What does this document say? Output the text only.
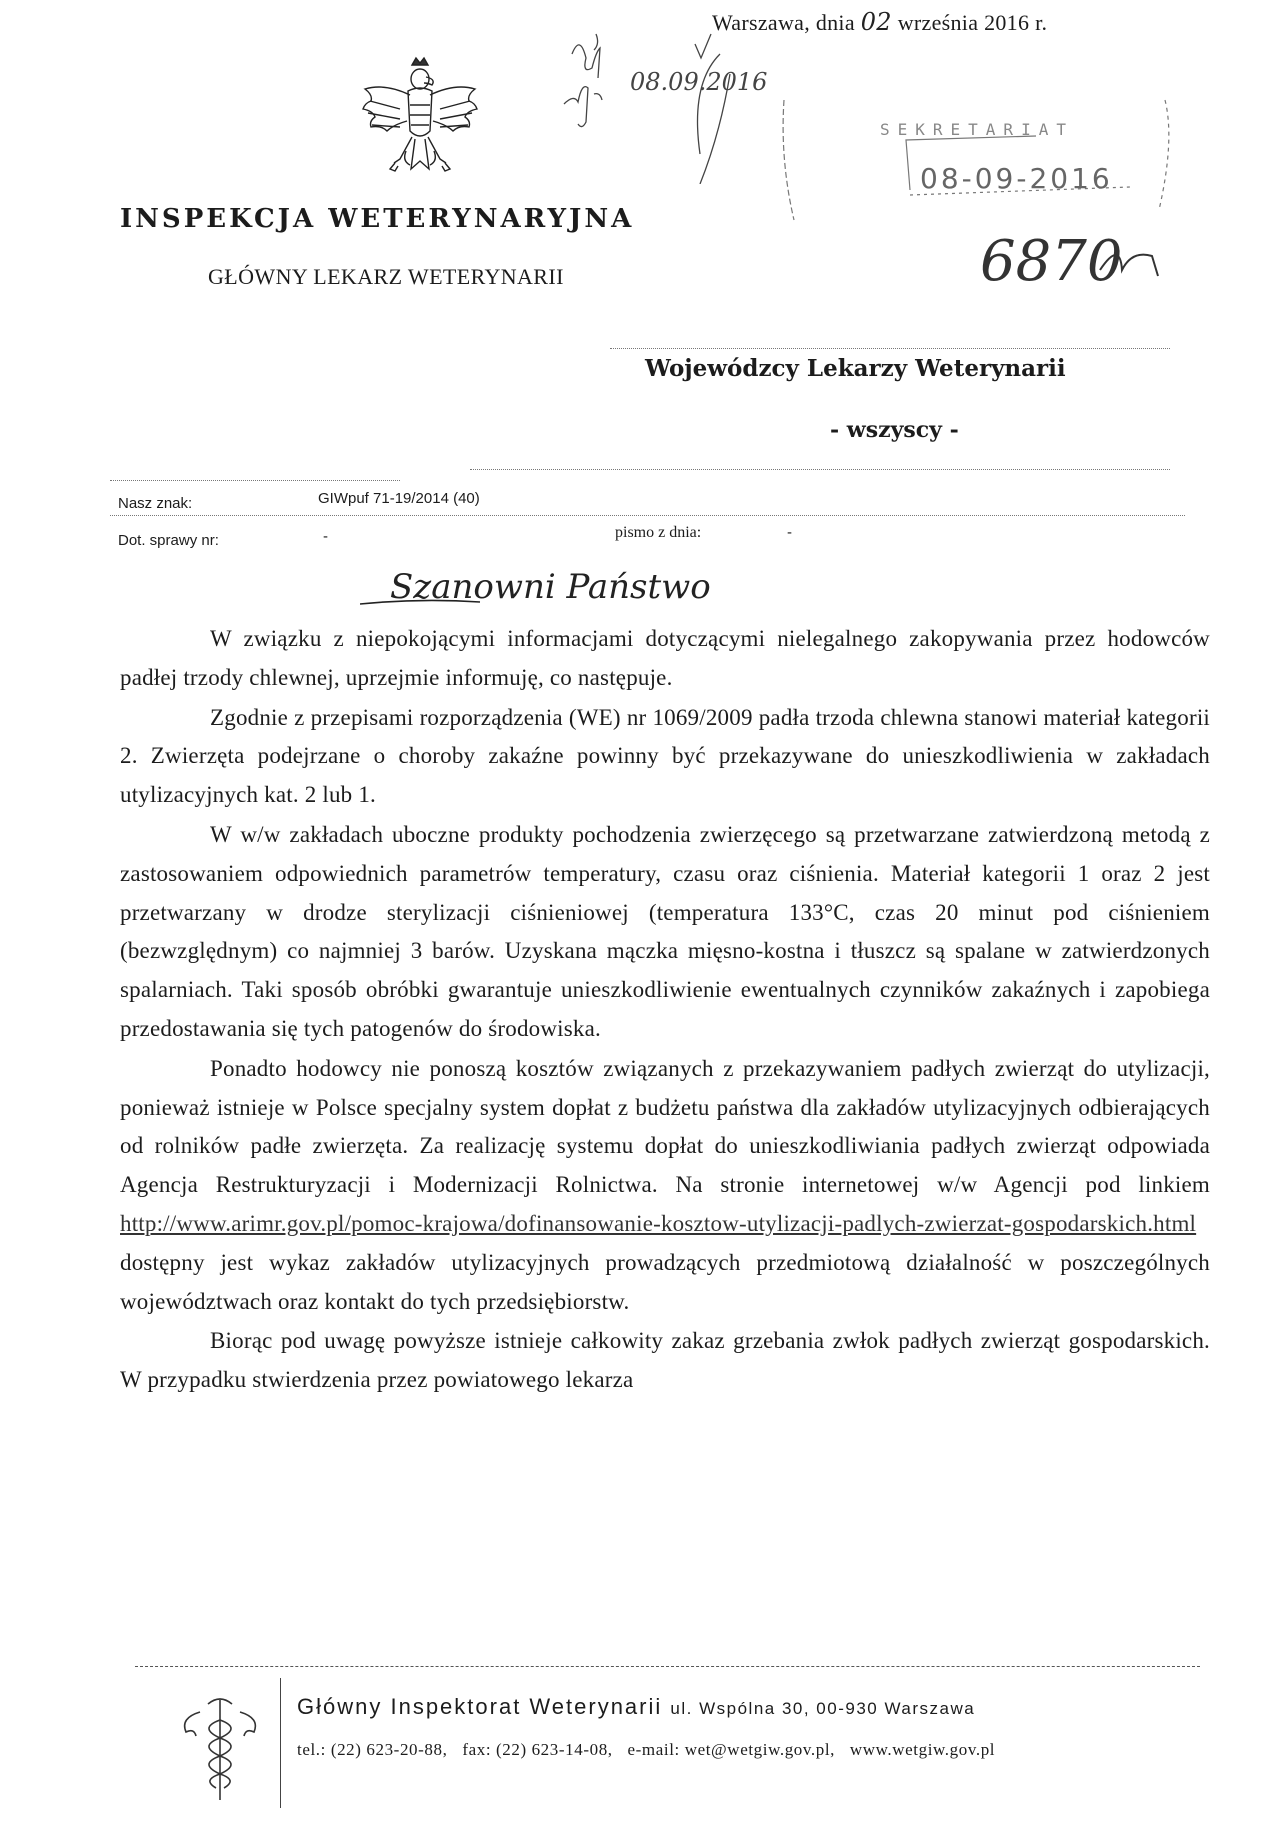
Warszawa, dnia 02 września 2016 r.
INSPEKCJA WETERYNARYJNA
GŁÓWNY LEKARZ WETERYNARII
08.09.2016
SEKRETARIAT
08-09-2016
6870
Wojewódzcy Lekarzy Weterynarii
- wszyscy -
Nasz znak:	GIWpuf 71-19/2014 (40)
Dot. sprawy nr:	-	pismo z dnia:	-
Szanowni Państwo

W związku z niepokojącymi informacjami dotyczącymi nielegalnego zakopywania przez hodowców padłej trzody chlewnej, uprzejmie informuję, co następuje.

Zgodnie z przepisami rozporządzenia (WE) nr 1069/2009 padła trzoda chlewna stanowi materiał kategorii 2. Zwierzęta podejrzane o choroby zakaźne powinny być przekazywane do unieszkodliwienia w zakładach utylizacyjnych kat. 2 lub 1.

W w/w zakładach uboczne produkty pochodzenia zwierzęcego są przetwarzane zatwierdzoną metodą z zastosowaniem odpowiednich parametrów temperatury, czasu oraz ciśnienia. Materiał kategorii 1 oraz 2 jest przetwarzany w drodze sterylizacji ciśnieniowej (temperatura 133°C, czas 20 minut pod ciśnieniem (bezwzględnym) co najmniej 3 barów. Uzyskana mączka mięsno-kostna i tłuszcz są spalane w zatwierdzonych spalarniach. Taki sposób obróbki gwarantuje unieszkodliwienie ewentualnych czynników zakaźnych i zapobiega przedostawania się tych patogenów do środowiska.

Ponadto hodowcy nie ponoszą kosztów związanych z przekazywaniem padłych zwierząt do utylizacji, ponieważ istnieje w Polsce specjalny system dopłat z budżetu państwa dla zakładów utylizacyjnych odbierających od rolników padłe zwierzęta. Za realizację systemu dopłat do unieszkodliwiania padłych zwierząt odpowiada Agencja Restrukturyzacji i Modernizacji Rolnictwa. Na stronie internetowej w/w Agencji pod linkiem http://www.arimr.gov.pl/pomoc-krajowa/dofinansowanie-kosztow-utylizacji-padlych-zwierzat-gospodarskich.html dostępny jest wykaz zakładów utylizacyjnych prowadzących przedmiotową działalność w poszczególnych województwach oraz kontakt do tych przedsiębiorstw.

Biorąc pod uwagę powyższe istnieje całkowity zakaz grzebania zwłok padłych zwierząt gospodarskich. W przypadku stwierdzenia przez powiatowego lekarza

Główny Inspektorat Weterynarii ul. Wspólna 30, 00-930 Warszawa
tel.: (22) 623-20-88, fax: (22) 623-14-08, e-mail: wet@wetgiw.gov.pl, www.wetgiw.gov.pl
